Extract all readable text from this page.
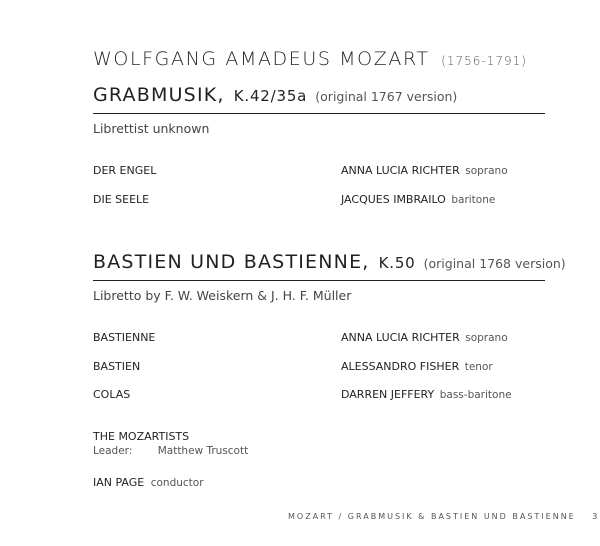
WOLFGANG AMADEUS MOZART (1756-1791)
GRABMUSIK, K.42/35a (original 1767 version)
Librettist unknown
DER ENGEL	ANNA LUCIA RICHTER soprano
DIE SEELE	JACQUES IMBRAILO baritone
BASTIEN UND BASTIENNE, K.50 (original 1768 version)
Libretto by F. W. Weiskern & J. H. F. Müller
BASTIENNE	ANNA LUCIA RICHTER soprano
BASTIEN	ALESSANDRO FISHER tenor
COLAS	DARREN JEFFERY bass-baritone
THE MOZARTISTS
Leader: Matthew Truscott
IAN PAGE conductor
MOZART / GRABMUSIK & BASTIEN UND BASTIENNE 3
